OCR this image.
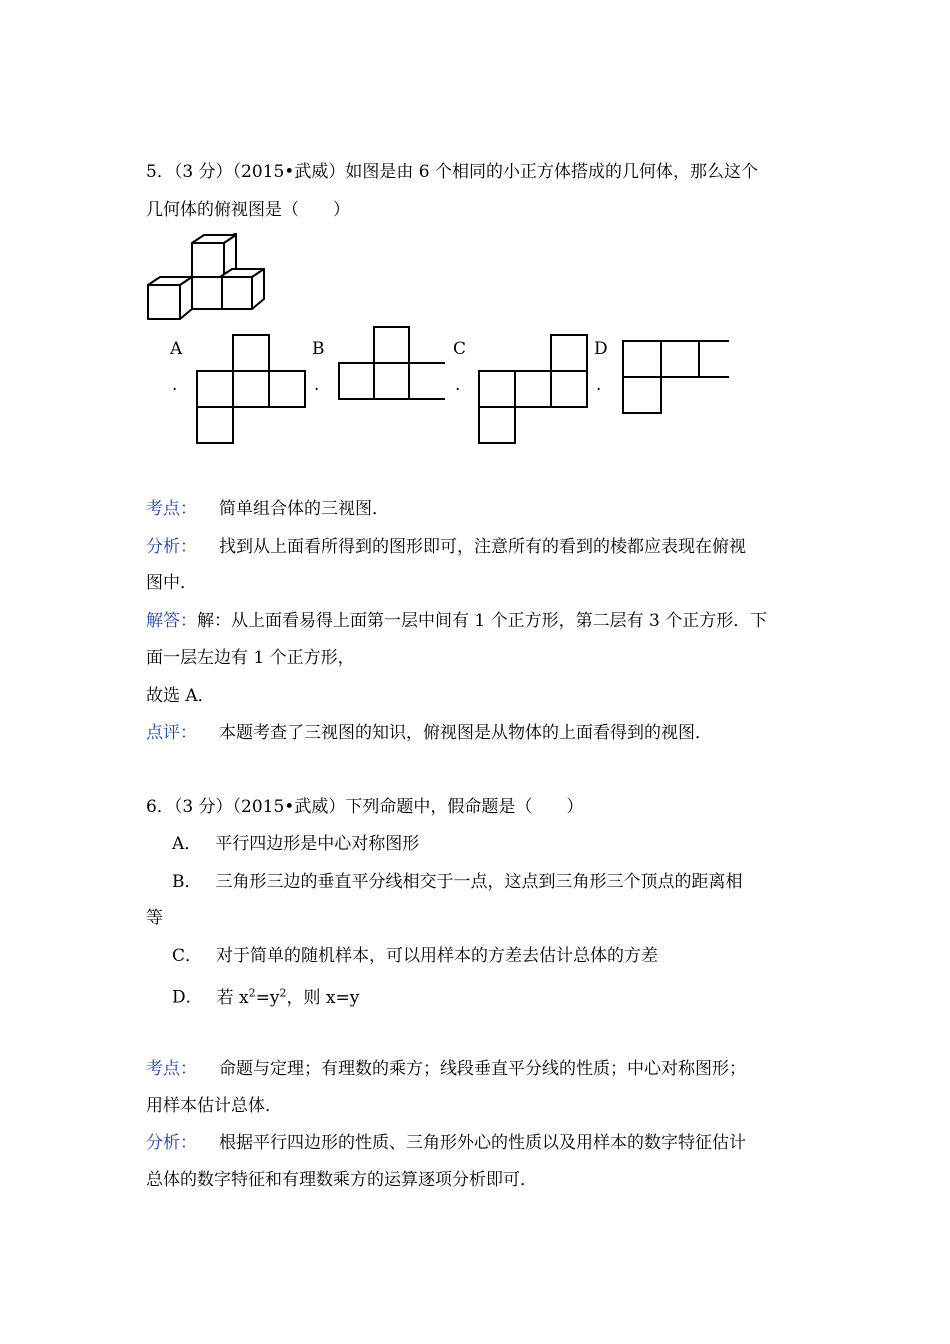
5．（3 分）（2015•武威）如图是由 6 个相同的小正方体搭成的几何体，那么这个
几何体的俯视图是（　　）
A
.
B
.
C
.
D
.
考点： 简单组合体的三视图．
分析： 找到从上面看所得到的图形即可，注意所有的看到的棱都应表现在俯视
图中．
解答：解：从上面看易得上面第一层中间有 1 个正方形，第二层有 3 个正方形．下
面一层左边有 1 个正方形，
故选 A．
点评： 本题考查了三视图的知识，俯视图是从物体的上面看得到的视图．
6．（3 分）（2015•武威）下列命题中，假命题是（　　）
A． 平行四边形是中心对称图形
B． 三角形三边的垂直平分线相交于一点，这点到三角形三个顶点的距离相
等
C． 对于简单的随机样本，可以用样本的方差去估计总体的方差
D． 若 $x^2=y^2$，则 x=y
考点： 命题与定理；有理数的乘方；线段垂直平分线的性质；中心对称图形；
用样本估计总体．
分析： 根据平行四边形的性质、三角形外心的性质以及用样本的数字特征估计
总体的数字特征和有理数乘方的运算逐项分析即可．
